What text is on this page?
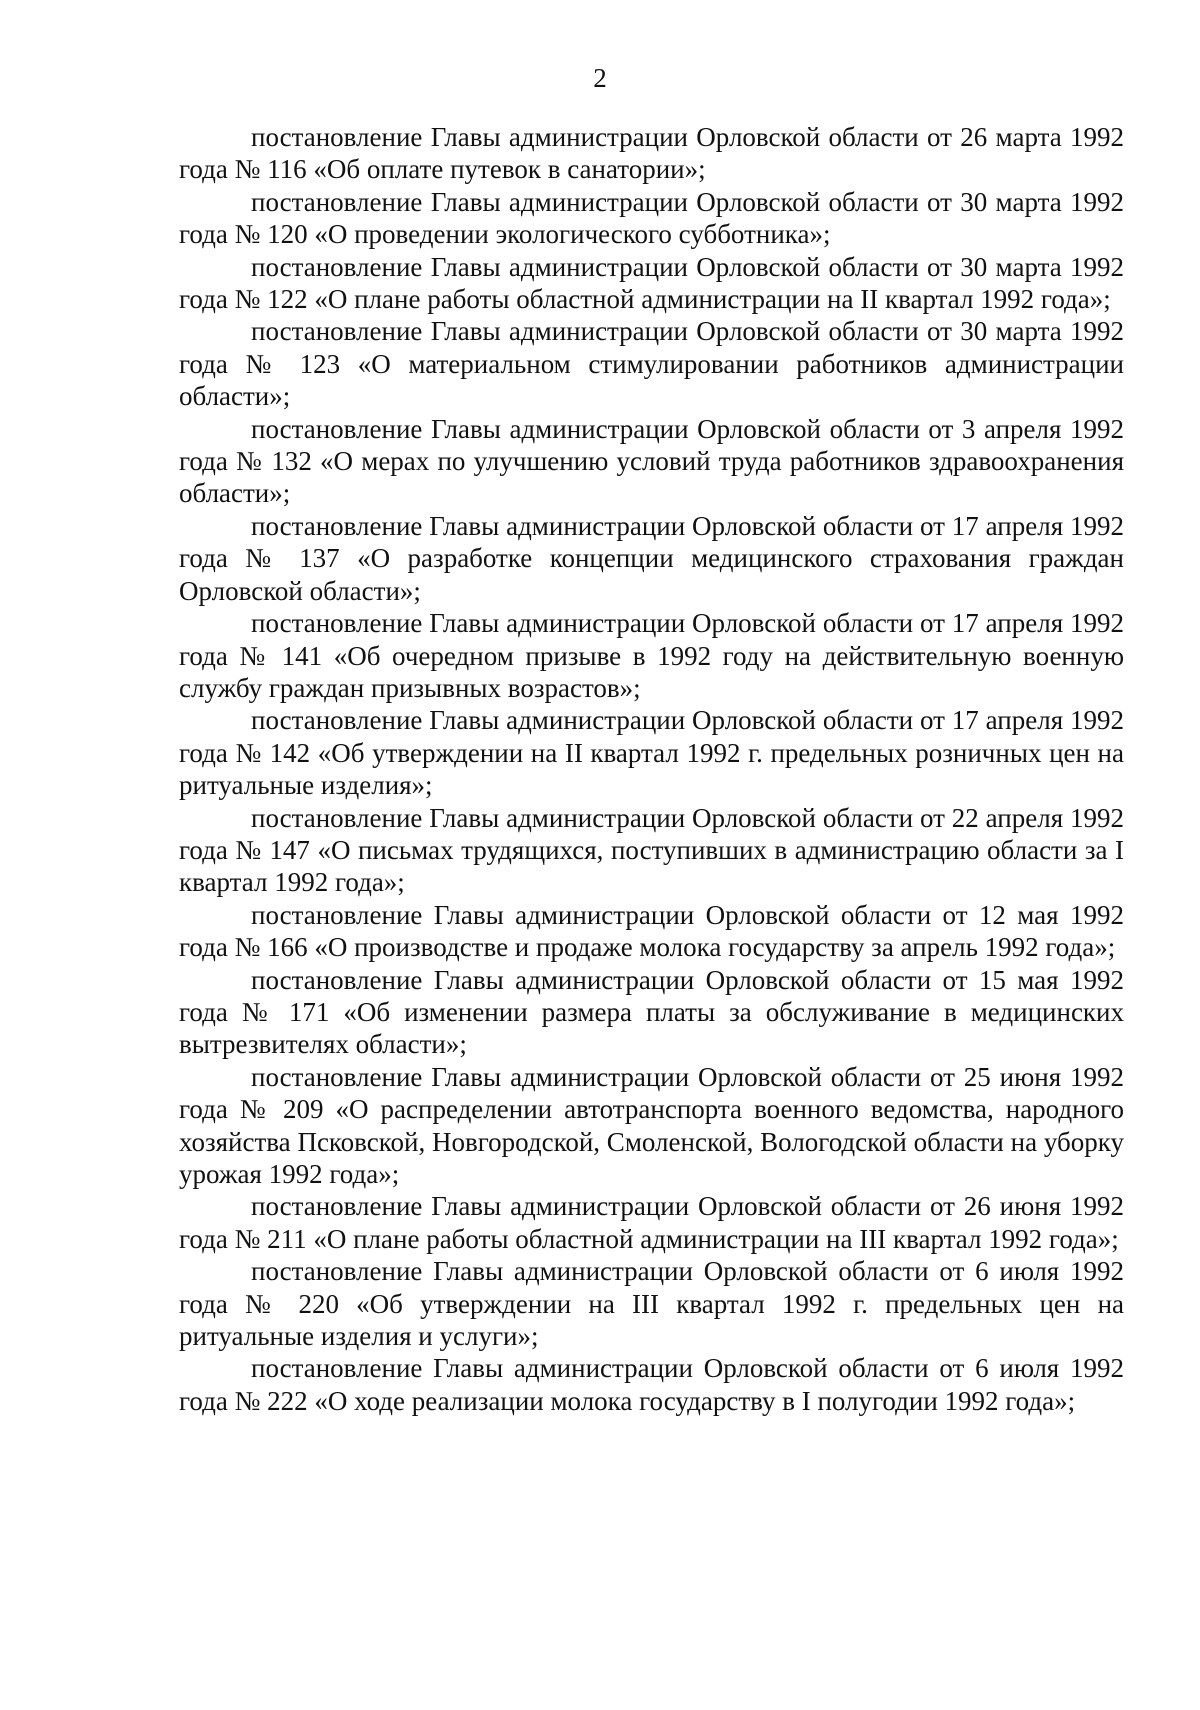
2

постановление Главы администрации Орловской области от 26 марта 1992 года № 116 «Об оплате путевок в санатории»;

постановление Главы администрации Орловской области от 30 марта 1992 года № 120 «О проведении экологического субботника»;

постановление Главы администрации Орловской области от 30 марта 1992 года № 122 «О плане работы областной администрации на II квартал 1992 года»;

постановление Главы администрации Орловской области от 30 марта 1992 года № 123 «О материальном стимулировании работников администрации области»;

постановление Главы администрации Орловской области от 3 апреля 1992 года № 132 «О мерах по улучшению условий труда работников здравоохранения области»;

постановление Главы администрации Орловской области от 17 апреля 1992 года № 137 «О разработке концепции медицинского страхования граждан Орловской области»;

постановление Главы администрации Орловской области от 17 апреля 1992 года № 141 «Об очередном призыве в 1992 году на действительную военную службу граждан призывных возрастов»;

постановление Главы администрации Орловской области от 17 апреля 1992 года № 142 «Об утверждении на II квартал 1992 г. предельных розничных цен на ритуальные изделия»;

постановление Главы администрации Орловской области от 22 апреля 1992 года № 147 «О письмах трудящихся, поступивших в администрацию области за I квартал 1992 года»;

постановление Главы администрации Орловской области от 12 мая 1992 года № 166 «О производстве и продаже молока государству за апрель 1992 года»;

постановление Главы администрации Орловской области от 15 мая 1992 года № 171 «Об изменении размера платы за обслуживание в медицинских вытрезвителях области»;

постановление Главы администрации Орловской области от 25 июня 1992 года № 209 «О распределении автотранспорта военного ведомства, народного хозяйства Псковской, Новгородской, Смоленской, Вологодской области на уборку урожая 1992 года»;

постановление Главы администрации Орловской области от 26 июня 1992 года № 211 «О плане работы областной администрации на III квартал 1992 года»;

постановление Главы администрации Орловской области от 6 июля 1992 года № 220 «Об утверждении на III квартал 1992 г. предельных цен на ритуальные изделия и услуги»;

постановление Главы администрации Орловской области от 6 июля 1992 года № 222 «О ходе реализации молока государству в I полугодии 1992 года»;
